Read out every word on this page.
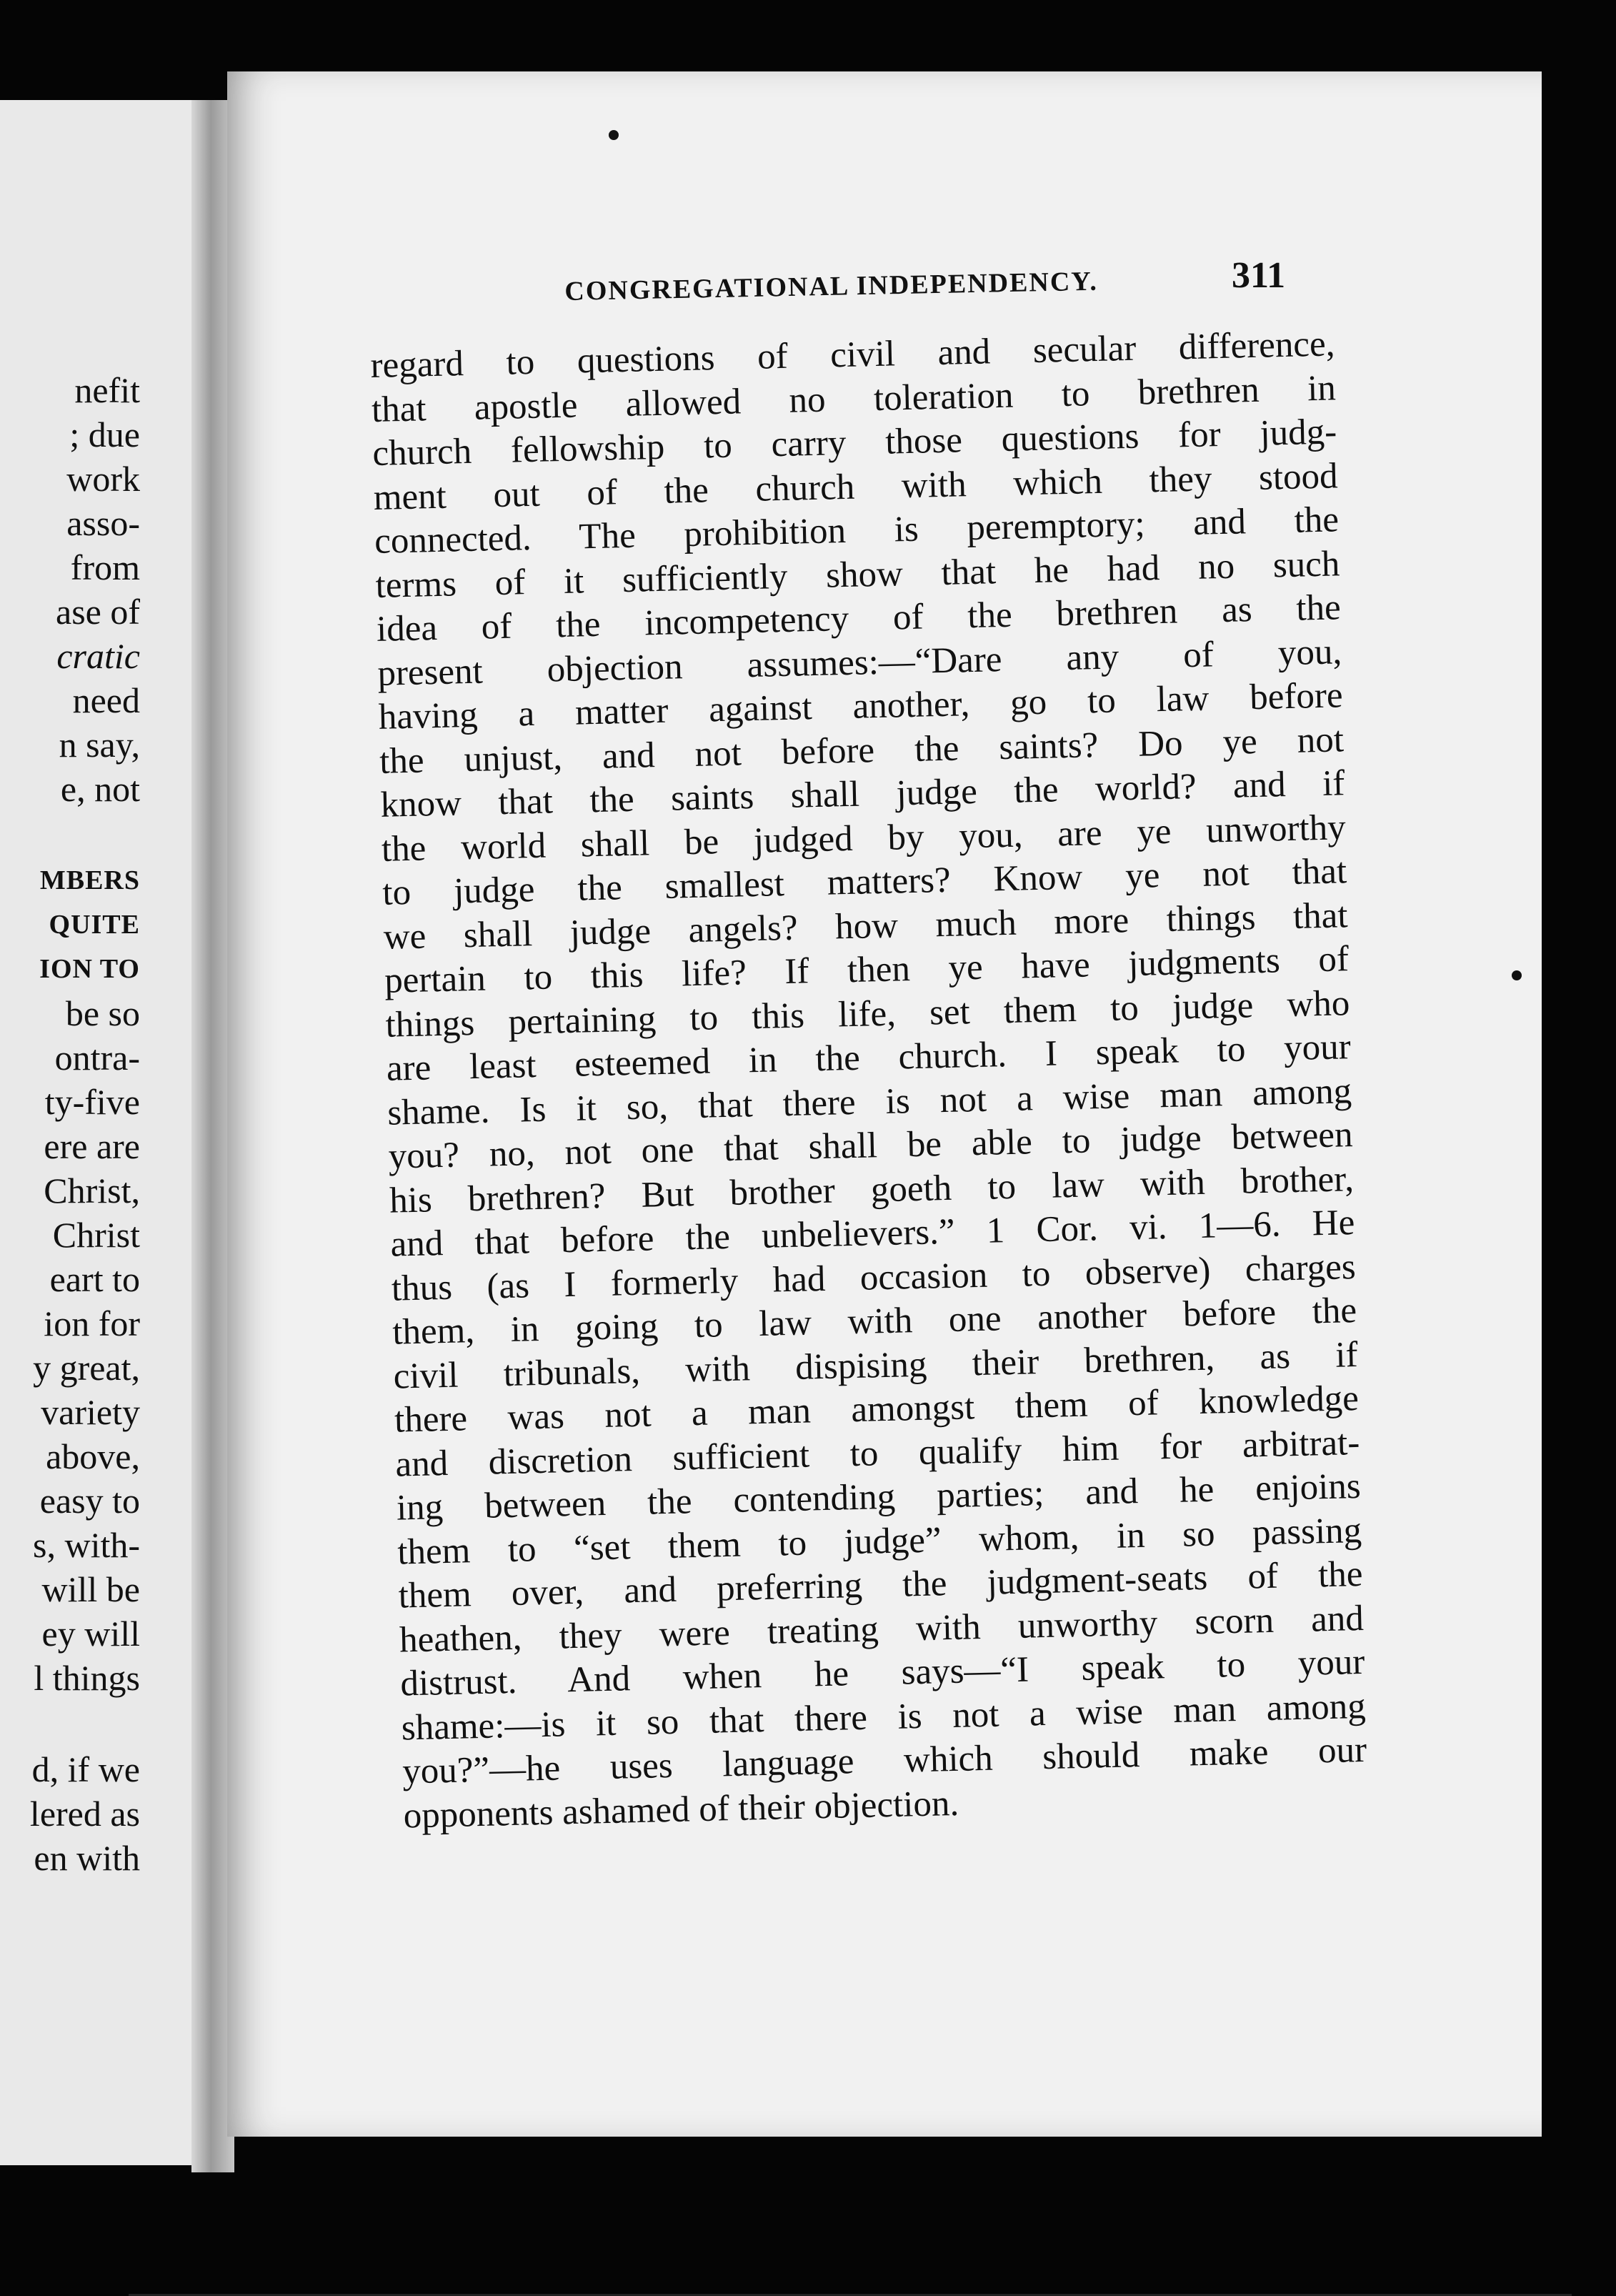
nefit
; due
work
asso-
from
ase of
cratic
need
n say,
e, not
MBERS
QUITE
ION TO
be so
ontra-
ty-five
ere are
Christ,
Christ
eart to
ion for
y great,
variety
above,
easy to
s, with-
will be
ey will
l things
d, if we
lered as
en with
CONGREGATIONAL INDEPENDENCY.	311
regard to questions of civil and secular difference,
that apostle allowed no toleration to brethren in
church fellowship to carry those questions for judg-
ment out of the church with which they stood
connected. The prohibition is peremptory; and the
terms of it sufficiently show that he had no such
idea of the incompetency of the brethren as the
present objection assumes:—“Dare any of you,
having a matter against another, go to law before
the unjust, and not before the saints? Do ye not
know that the saints shall judge the world? and if
the world shall be judged by you, are ye unworthy
to judge the smallest matters? Know ye not that
we shall judge angels? how much more things that
pertain to this life? If then ye have judgments of
things pertaining to this life, set them to judge who
are least esteemed in the church. I speak to your
shame. Is it so, that there is not a wise man among
you? no, not one that shall be able to judge between
his brethren? But brother goeth to law with brother,
and that before the unbelievers.” 1 Cor. vi. 1—6. He
thus (as I formerly had occasion to observe) charges
them, in going to law with one another before the
civil tribunals, with dispising their brethren, as if
there was not a man amongst them of knowledge
and discretion sufficient to qualify him for arbitrat-
ing between the contending parties; and he enjoins
them to “set them to judge” whom, in so passing
them over, and preferring the judgment-seats of the
heathen, they were treating with unworthy scorn and
distrust. And when he says—“I speak to your
shame:—is it so that there is not a wise man among
you?”—he uses language which should make our
opponents ashamed of their objection.
